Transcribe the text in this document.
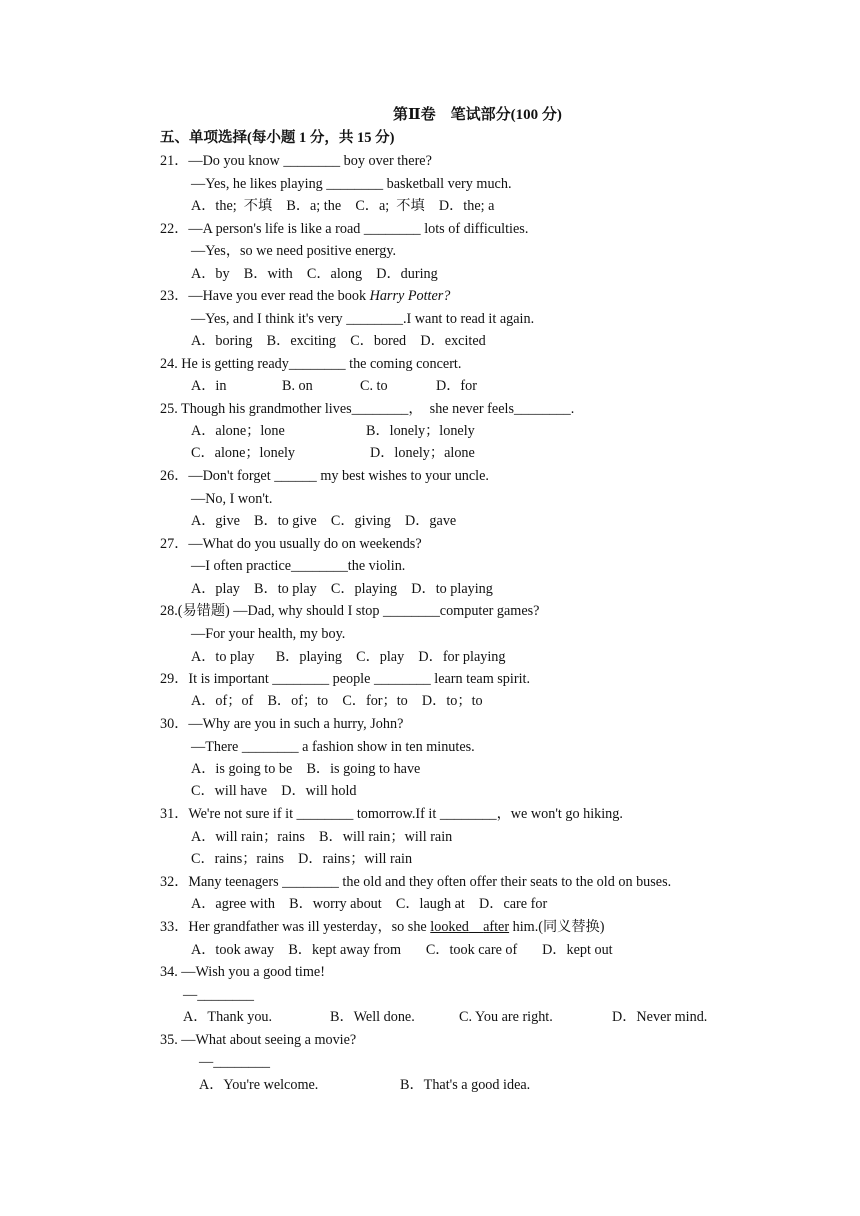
第Ⅱ卷　笔试部分(100 分)
五、单项选择(每小题 1 分，共 15 分)
21．—Do you know ________ boy over there?
—Yes, he likes playing ________ basketball very much.
A．the;  不填    B．a; the    C．a;  不填    D．the; a
22．—A person's life is like a road ________ lots of difficulties.
—Yes，so we need positive energy.
A．by    B．with    C．along    D．during
23．—Have you ever read the book Harry Potter?
—Yes, and I think it's very ________.I want to read it again.
A．boring    B．exciting    C．bored    D．excited
24. He is getting ready________ the coming concert.
A．in	B. on	C. to	D．for
25. Though his grandmother lives________，  she never feels________.
A．alone；lone	B．lonely；lonely
C．alone；lonely	D．lonely；alone
26．—Don't forget ______ my best wishes to your uncle.
—No, I won't.
A．give    B．to give    C．giving    D．gave
27．—What do you usually do on weekends?
—I often practice________the violin.
A．play    B．to play    C．playing    D．to playing
28.(易错题) —Dad, why should I stop ________computer games?
—For your health, my boy.
A．to play      B．playing    C．play    D．for playing
29．It is important ________ people ________ learn team spirit.
A．of；of    B．of；to    C．for；to    D．to；to
30．—Why are you in such a hurry, John?
—There ________ a fashion show in ten minutes.
A．is going to be    B．is going to have
C．will have    D．will hold
31．We're not sure if it ________ tomorrow.If it ________，we won't go hiking.
A．will rain；rains    B．will rain；will rain
C．rains；rains    D．rains；will rain
32．Many teenagers ________ the old and they often offer their seats to the old on buses.
A．agree with    B．worry about    C．laugh at    D．care for
33．Her grandfather was ill yesterday，so she looked after him.(同义替换)
A．took away    B．kept away from       C．took care of       D．kept out
34. —Wish you a good time!
—________
A．Thank you.	B．Well done.	C. You are right.	D．Never mind.
35. —What about seeing a movie?
—________
A．You're welcome.	B．That's a good idea.
